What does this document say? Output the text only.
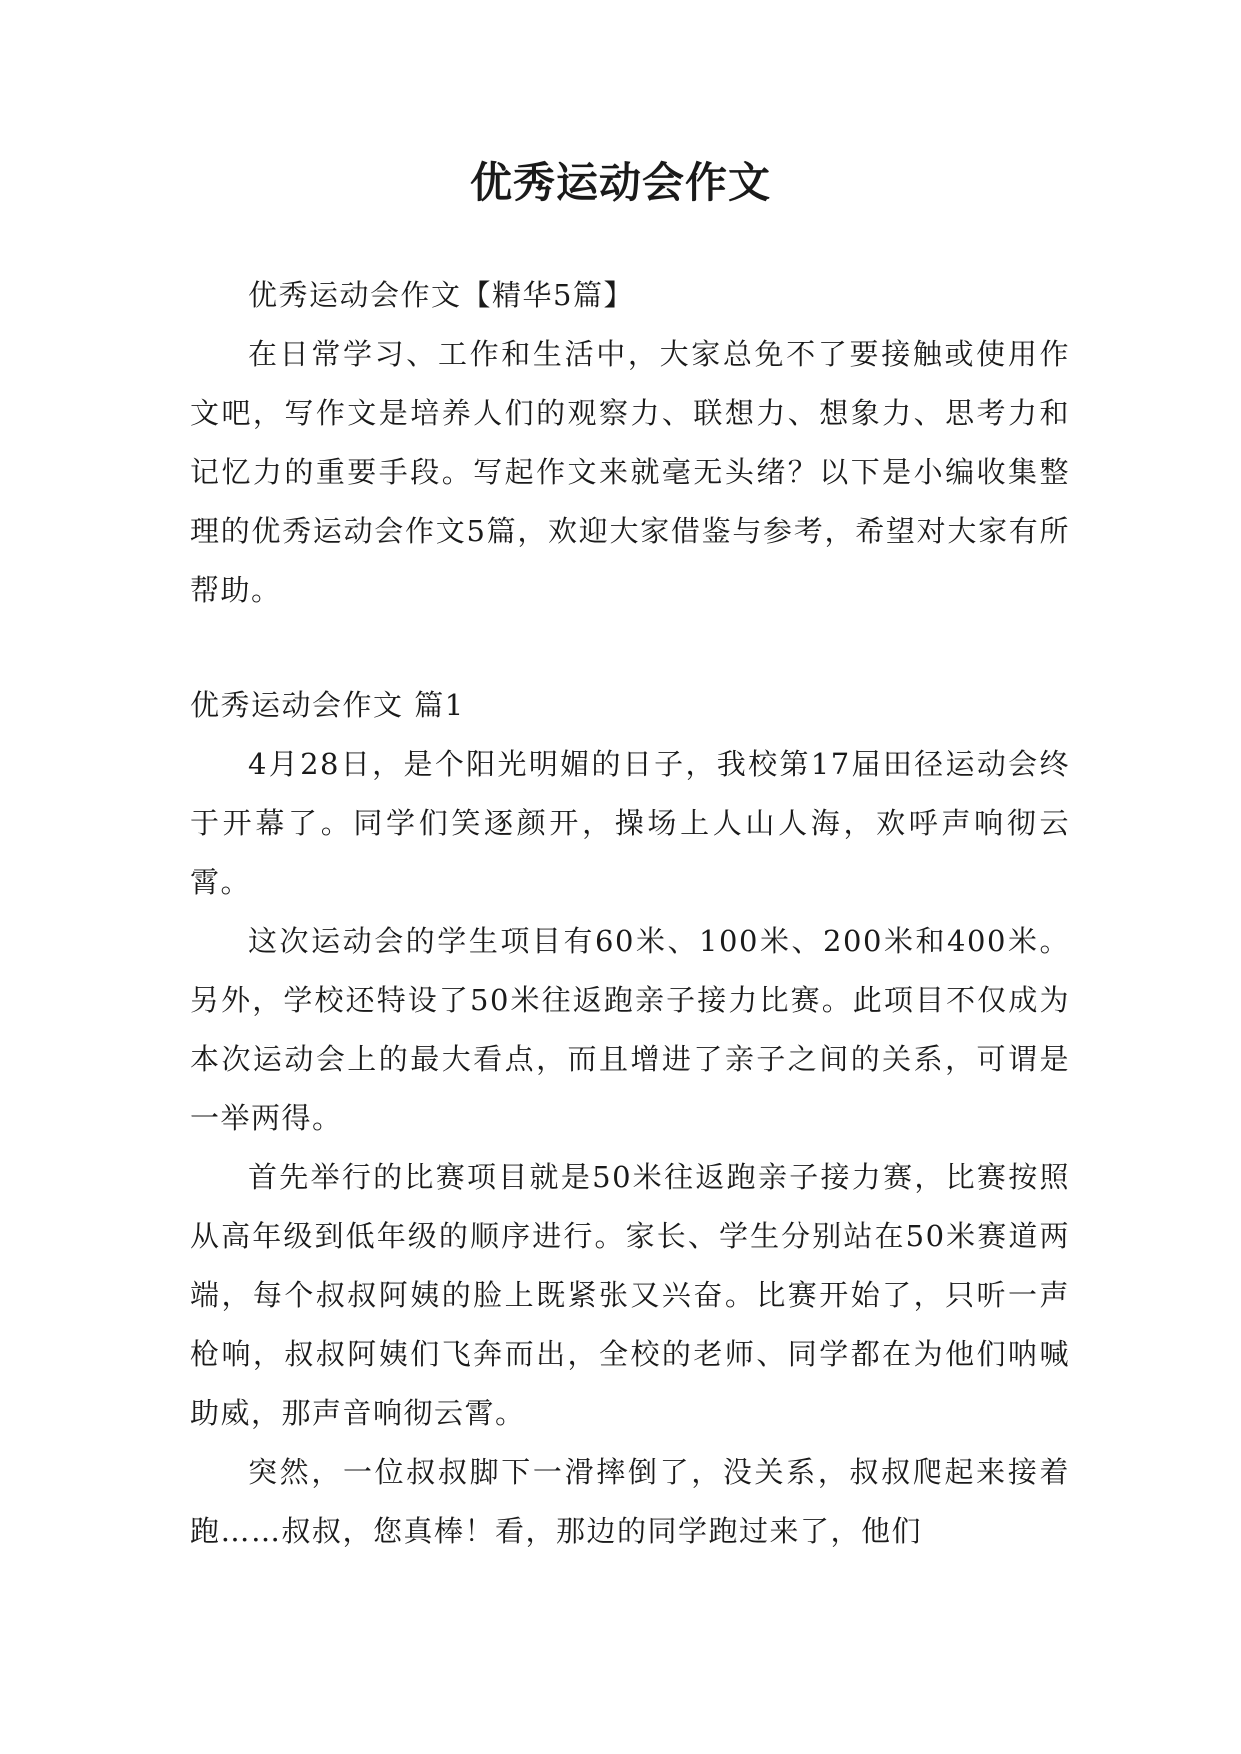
优秀运动会作文

优秀运动会作文【精华5篇】

在日常学习、工作和生活中，大家总免不了要接触或使用作文吧，写作文是培养人们的观察力、联想力、想象力、思考力和记忆力的重要手段。写起作文来就毫无头绪？以下是小编收集整理的优秀运动会作文5篇，欢迎大家借鉴与参考，希望对大家有所帮助。

优秀运动会作文 篇1

4月28日，是个阳光明媚的日子，我校第17届田径运动会终于开幕了。同学们笑逐颜开，操场上人山人海，欢呼声响彻云霄。

这次运动会的学生项目有60米、100米、200米和400米。另外，学校还特设了50米往返跑亲子接力比赛。此项目不仅成为本次运动会上的最大看点，而且增进了亲子之间的关系，可谓是一举两得。

首先举行的比赛项目就是50米往返跑亲子接力赛，比赛按照从高年级到低年级的顺序进行。家长、学生分别站在50米赛道两端，每个叔叔阿姨的脸上既紧张又兴奋。比赛开始了，只听一声枪响，叔叔阿姨们飞奔而出，全校的老师、同学都在为他们呐喊助威，那声音响彻云霄。

突然，一位叔叔脚下一滑摔倒了，没关系，叔叔爬起来接着跑……叔叔，您真棒！看，那边的同学跑过来了，他们
